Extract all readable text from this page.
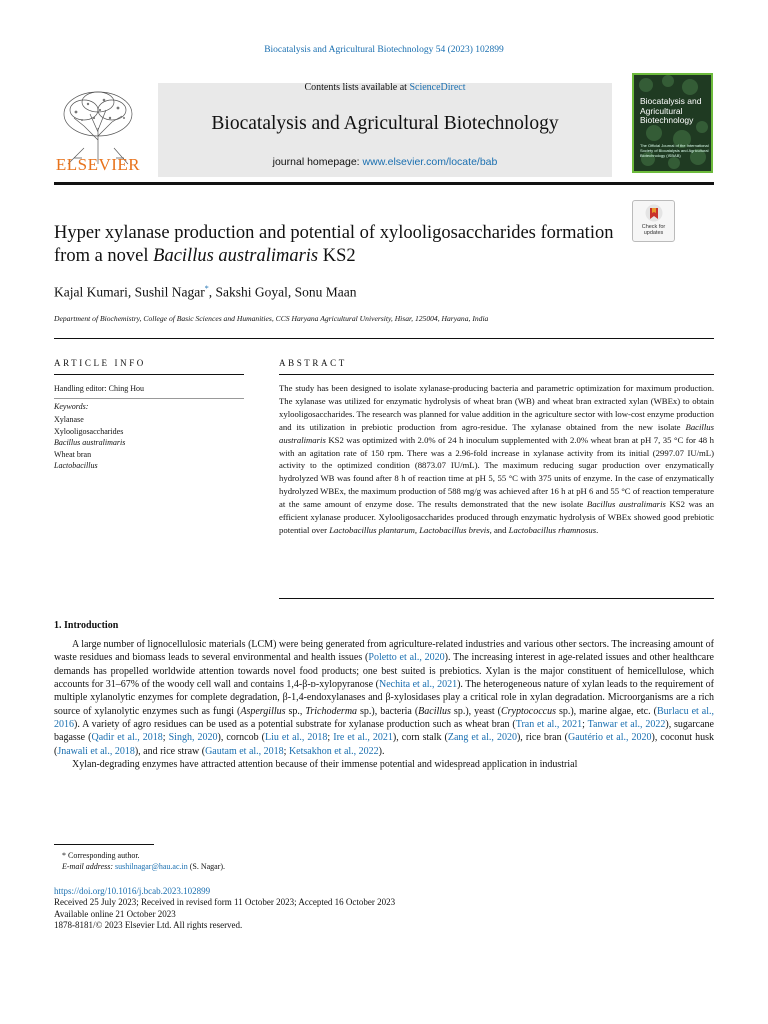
Biocatalysis and Agricultural Biotechnology 54 (2023) 102899
ELSEVIER
Contents lists available at ScienceDirect
Biocatalysis and Agricultural Biotechnology
journal homepage: www.elsevier.com/locate/bab
Biocatalysis and Agricultural Biotechnology
The Official Journal of the International Society of Biocatalysis and Agricultural Biotechnology (ISBAB)
Check for updates
Hyper xylanase production and potential of xylooligosaccharides formation from a novel Bacillus australimaris KS2
Kajal Kumari, Sushil Nagar*, Sakshi Goyal, Sonu Maan
Department of Biochemistry, College of Basic Sciences and Humanities, CCS Haryana Agricultural University, Hisar, 125004, Haryana, India
ARTICLE INFO
Handling editor: Ching Hou
Keywords:
Xylanase
Xylooligosaccharides
Bacillus australimaris
Wheat bran
Lactobacillus
ABSTRACT
The study has been designed to isolate xylanase-producing bacteria and parametric optimization for maximum production. The xylanase was utilized for enzymatic hydrolysis of wheat bran (WB) and wheat bran extracted xylan (WBEx) to obtain xylooligosaccharides. The research was planned for value addition in the agriculture sector with low-cost enzyme production and its utilization in prebiotic production from agro-residue. The xylanase obtained from the new isolate Bacillus australimaris KS2 was optimized with 2.0% of 24 h inoculum supplemented with 2.0% wheat bran at pH 7, 35 °C for 48 h with an agitation rate of 150 rpm. There was a 2.96-fold increase in xylanase activity from its initial (2997.07 IU/mL) activity to the optimized condition (8873.07 IU/mL). The maximum reducing sugar production over enzymatically hydrolyzed WB was found after 8 h of reaction time at pH 5, 55 °C with 375 units of enzyme. In the case of enzymatically hydrolyzed WBEx, the maximum production of 588 mg/g was achieved after 16 h at pH 6 and 55 °C of reaction temperature at the same amount of enzyme dose. The results demonstrated that the new isolate Bacillus australimaris KS2 was an efficient xylanase producer. Xylooligosaccharides produced through enzymatic hydrolysis of WBEx showed good prebiotic potential over Lactobacillus plantarum, Lactobacillus brevis, and Lactobacillus rhamnosus.
1. Introduction

A large number of lignocellulosic materials (LCM) were being generated from agriculture-related industries and various other sectors. The increasing amount of waste residues and biomass leads to several environmental and health issues (Poletto et al., 2020). The increasing interest in age-related issues and other healthcare demands has propelled worldwide attention towards novel food products; one best suited is prebiotics. Xylan is the major constituent of hemicellulose, which accounts for 31–67% of the woody cell wall and contains 1,4-β-ᴅ-xylopyranose (Nechita et al., 2021). The heterogeneous nature of xylan leads to the requirement of multiple xylanolytic enzymes for complete degradation, β-1,4-endoxylanases and β-xylosidases play a critical role in xylan degradation. Microorganisms are a rich source of xylanolytic enzymes such as fungi (Aspergillus sp., Trichoderma sp.), bacteria (Bacillus sp.), yeast (Cryptococcus sp.), marine algae, etc. (Burlacu et al., 2016). A variety of agro residues can be used as a potential substrate for xylanase production such as wheat bran (Tran et al., 2021; Tanwar et al., 2022), sugarcane bagasse (Qadir et al., 2018; Singh, 2020), corncob (Liu et al., 2018; Ire et al., 2021), corn stalk (Zang et al., 2020), rice bran (Gautério et al., 2020), coconut husk (Jnawali et al., 2018), and rice straw (Gautam et al., 2018; Ketsakhon et al., 2022).

Xylan-degrading enzymes have attracted attention because of their immense potential and widespread application in industrial

* Corresponding author.
E-mail address: sushilnagar@hau.ac.in (S. Nagar).
https://doi.org/10.1016/j.bcab.2023.102899
Received 25 July 2023; Received in revised form 11 October 2023; Accepted 16 October 2023
Available online 21 October 2023
1878-8181/© 2023 Elsevier Ltd. All rights reserved.
